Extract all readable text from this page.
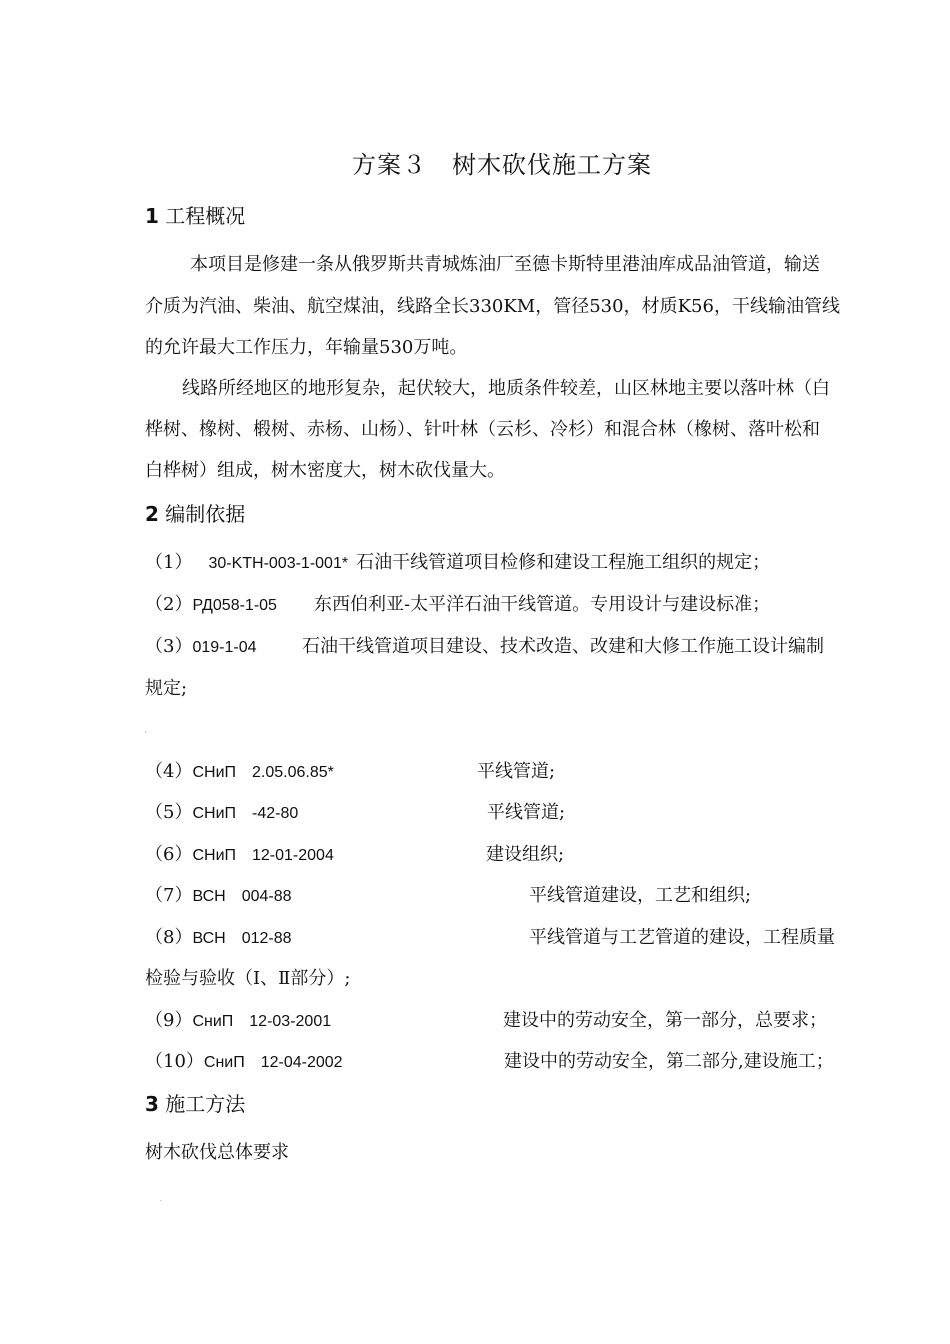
方案３　树木砍伐施工方案
1 工程概况
本项目是修建一条从俄罗斯共青城炼油厂至德卡斯特里港油库成品油管道，输送
介质为汽油、柴油、航空煤油，线路全长330KM，管径530，材质K56，干线输油管线
的允许最大工作压力，年输量530万吨。
线路所经地区的地形复杂，起伏较大，地质条件较差，山区林地主要以落叶林（白
桦树、橡树、椴树、赤杨、山杨）、针叶林（云杉、冷杉）和混合林（橡树、落叶松和
白桦树）组成，树木密度大，树木砍伐量大。
2 编制依据
（1） 30-KTH-003-1-001* 石油干线管道项目检修和建设工程施工组织的规定；
（2）РД058-1-05 东西伯利亚-太平洋石油干线管道。专用设计与建设标准；
（3）019-1-04	石油干线管道项目建设、技术改造、改建和大修工作施工设计编制
规定;
'
（4）СНиП　2.05.06.85*	平线管道;
（5）СНиП　-42-80	平线管道;
（6）СНиП　12-01-2004	建设组织;
（7）ВСН　004-88	平线管道建设，工艺和组织;
（8）ВСН　012-88	平线管道与工艺管道的建设，工程质量
检验与验收（Ⅰ、Ⅱ部分）;
（9）СниП　12-03-2001	建设中的劳动安全，第一部分，总要求；
（10）СниП　12-04-2002	建设中的劳动安全，第二部分,建设施工；
3 施工方法
树木砍伐总体要求
·
